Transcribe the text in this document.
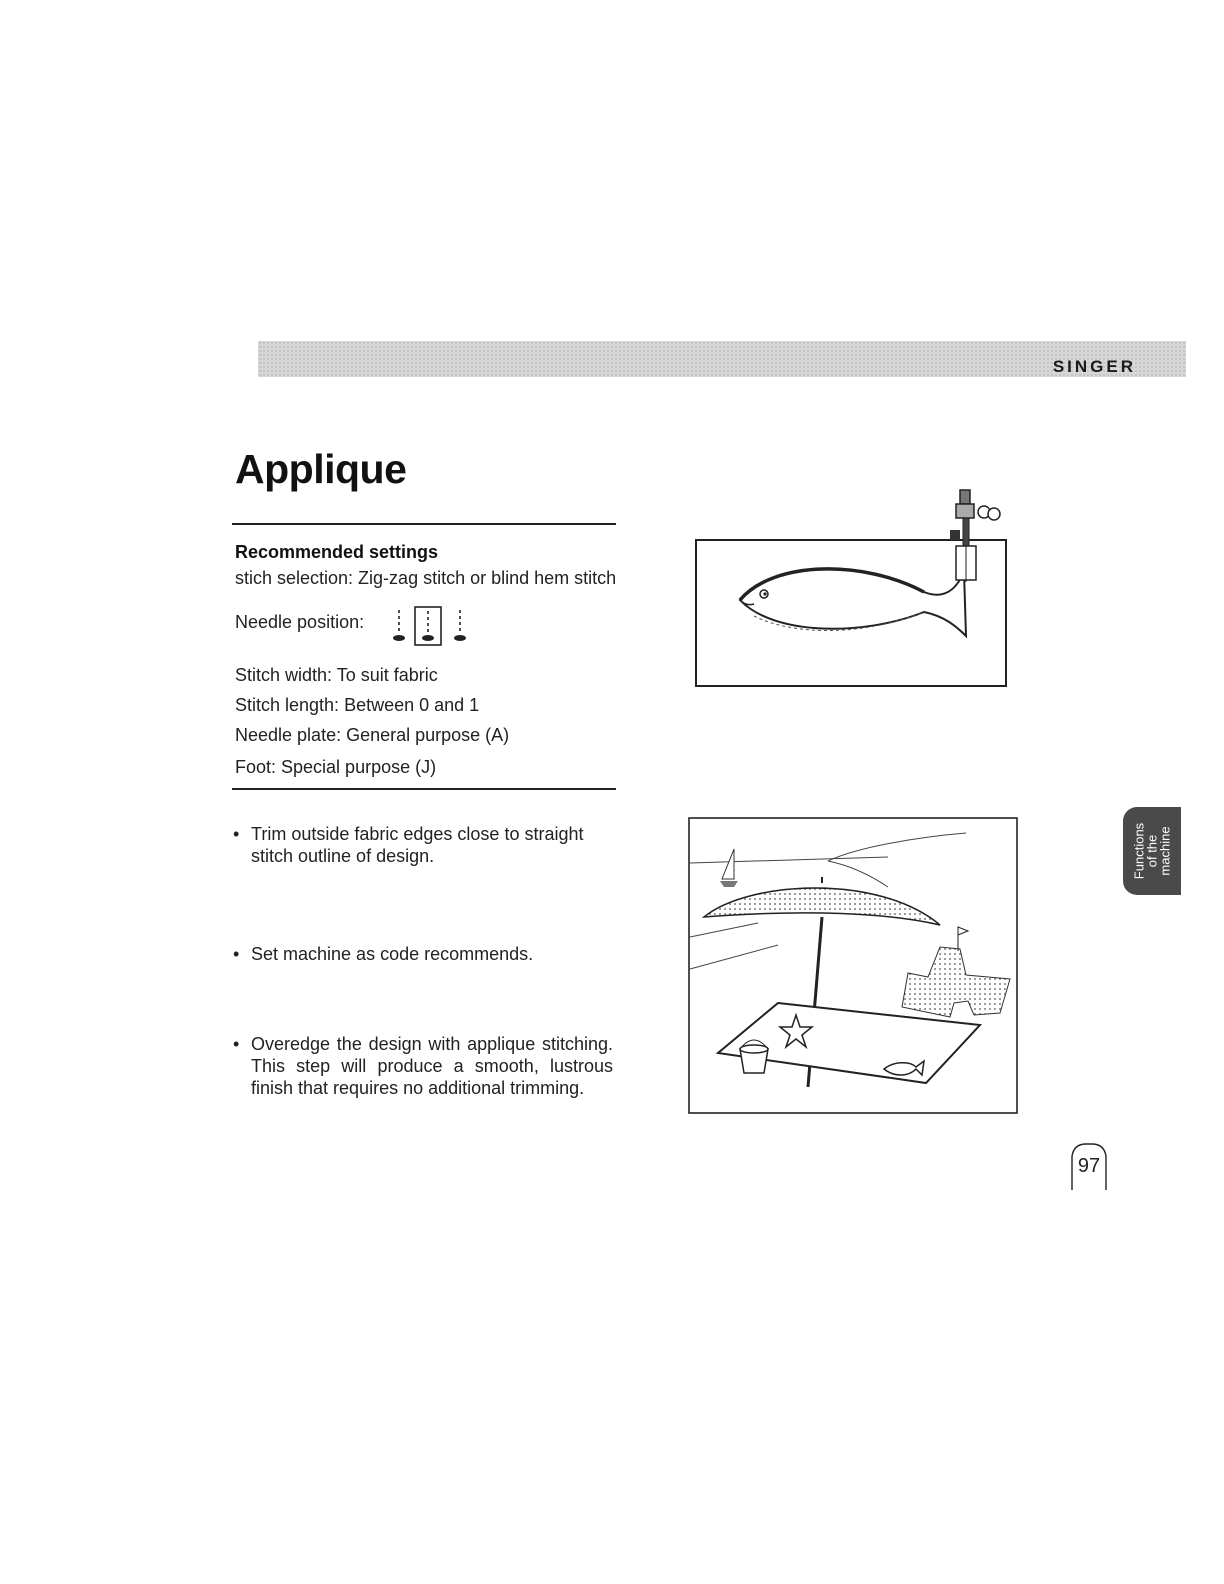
SINGER
Applique
Recommended settings
stich selection: Zig-zag stitch or blind hem stitch
Needle position:
Stitch width: To suit fabric
Stitch length: Between 0 and 1
Needle plate: General purpose (A)
Foot: Special purpose (J)
• Trim outside fabric edges close to straight stitch outline of design.
• Set machine as code recommends.
• Overedge the design with applique stitching. This step will produce a smooth, lustrous finish that requires no additional trimming.
Functions
of the
machine
97
